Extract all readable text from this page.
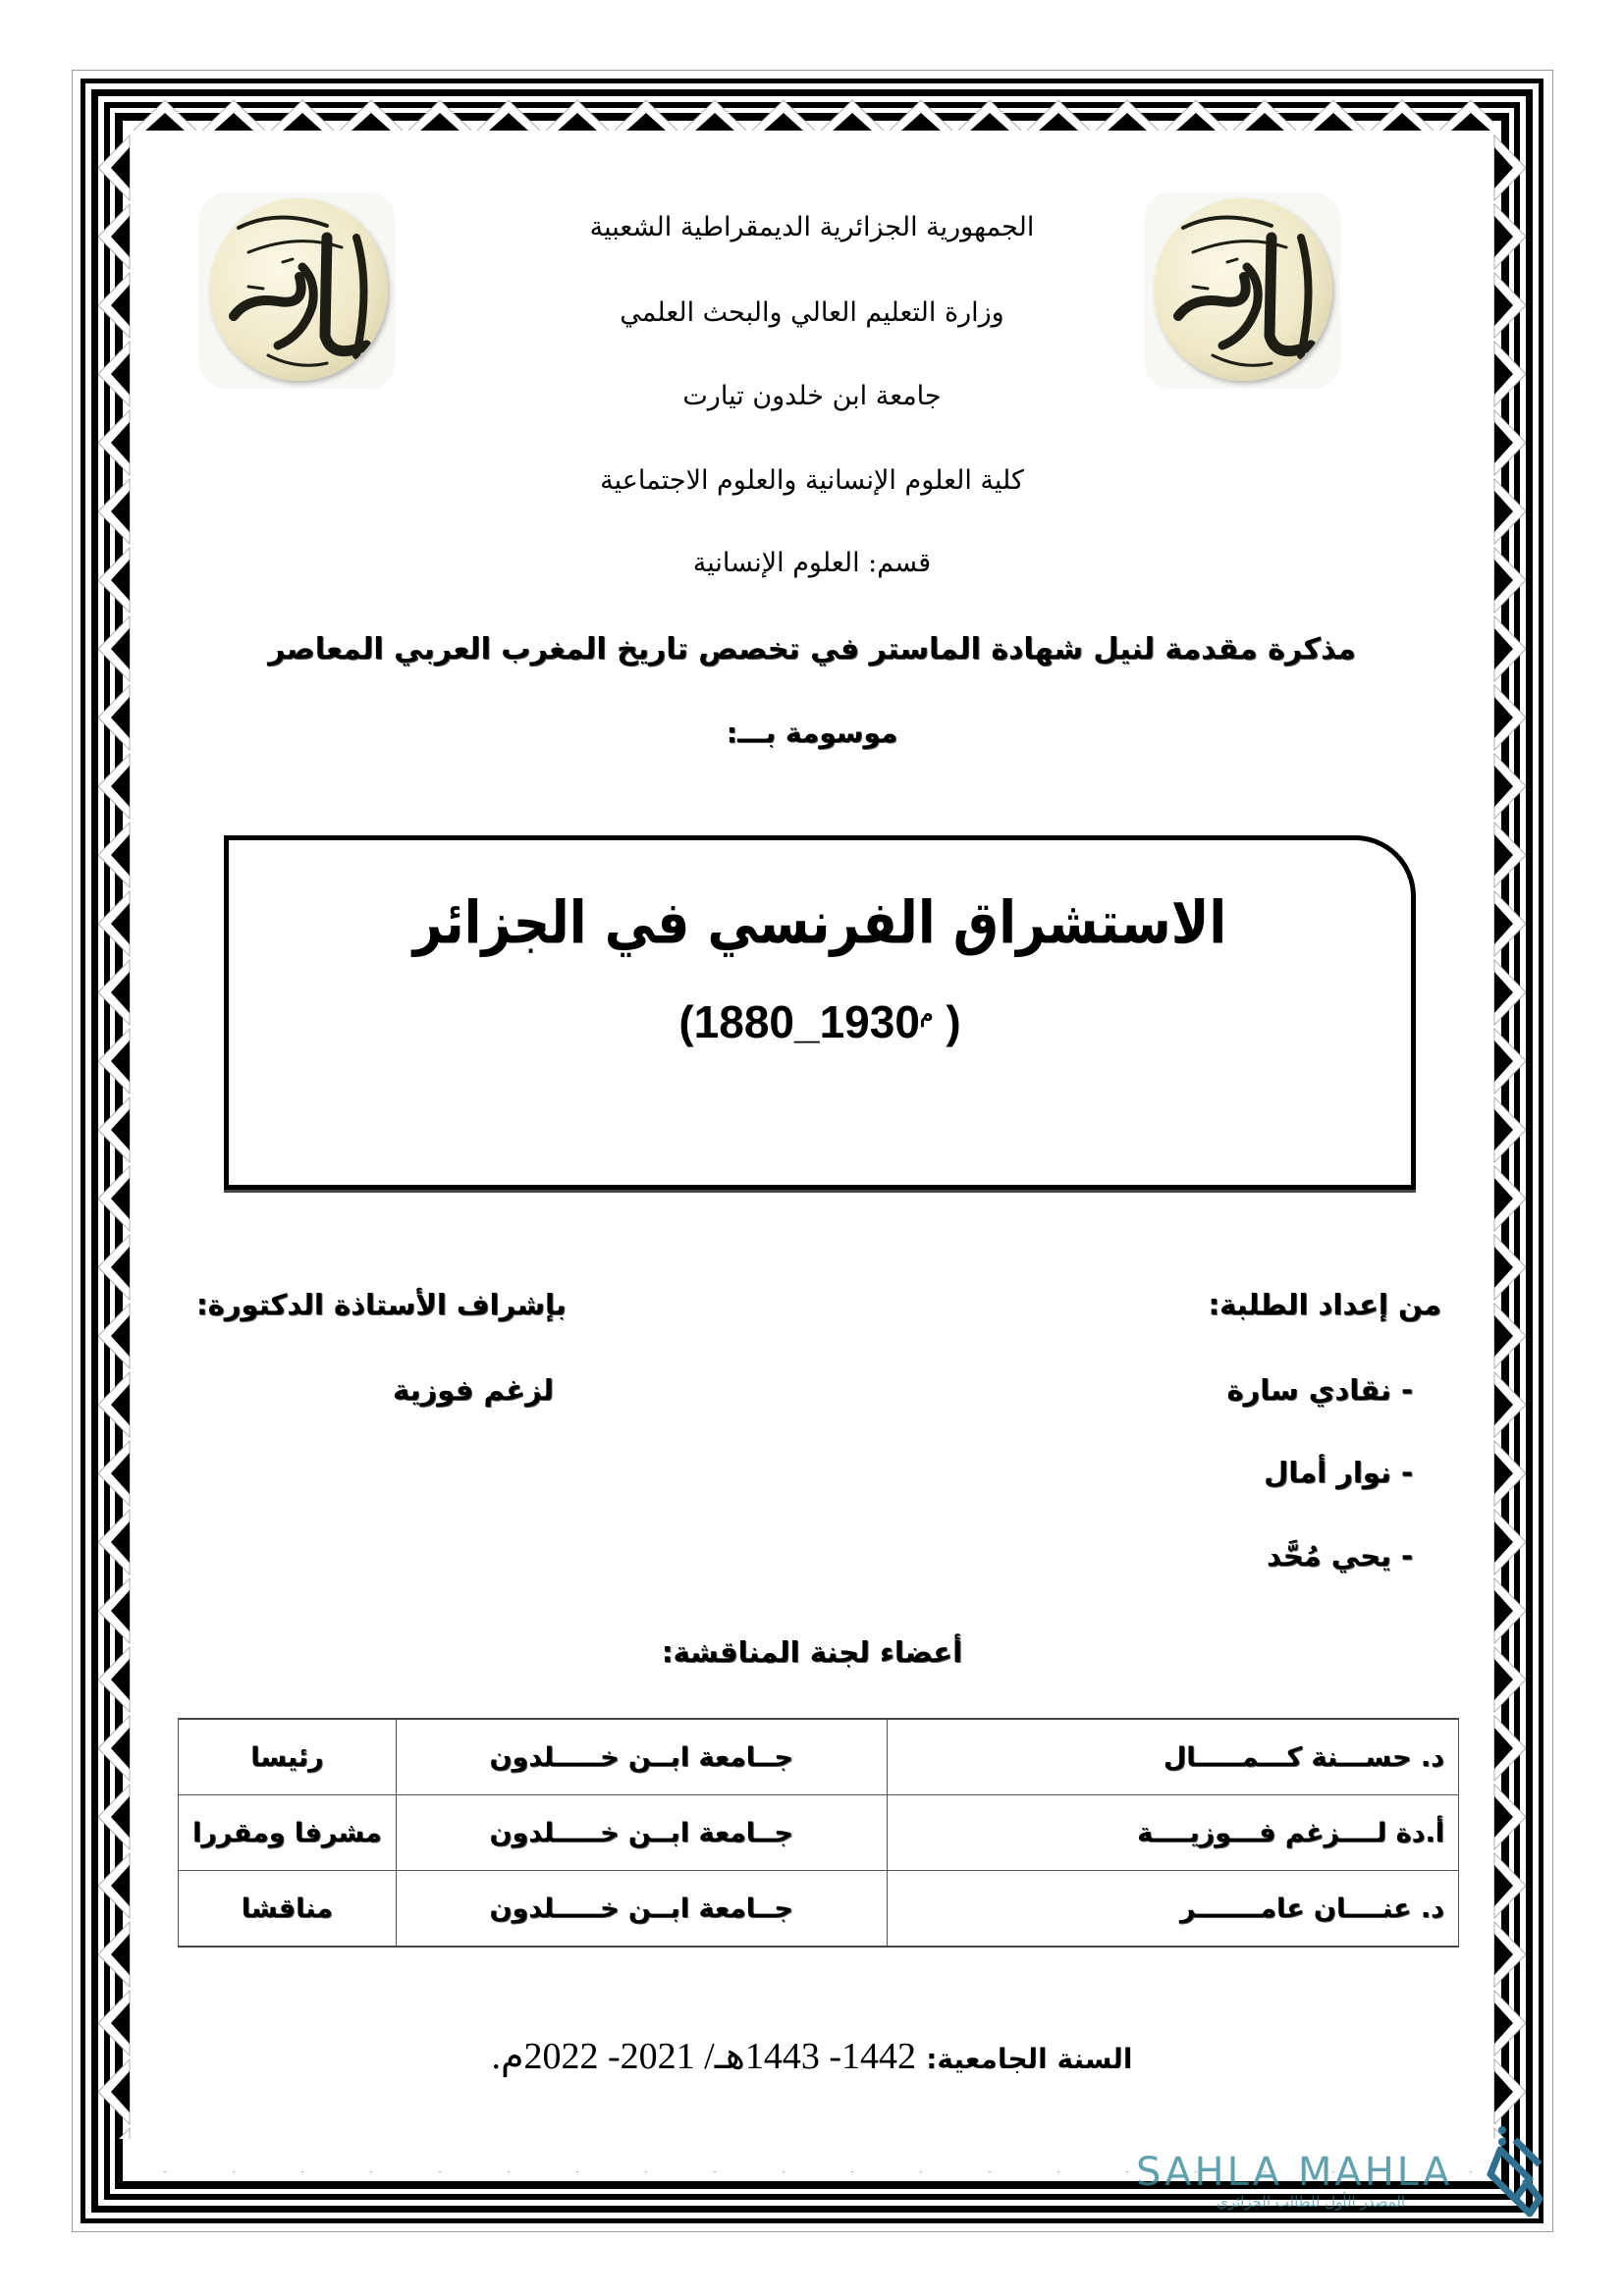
الجمهورية الجزائرية الديمقراطية الشعبية
وزارة التعليم العالي والبحث العلمي
جامعة ابن خلدون تيارت
كلية العلوم الإنسانية والعلوم الاجتماعية
قسم: العلوم الإنسانية
مذكرة مقدمة لنيل شهادة الماستر في تخصص تاريخ المغرب العربي المعاصر
موسومة بـــ:
الاستشراق الفرنسي في الجزائر
($1880\_1930^م$ )
من إعداد الطلبة:
- نقادي سارة
- نوار أمال
- يحي مُحَّد
بإشراف الأستاذة الدكتورة:
لزغم فوزية
أعضاء لجنة المناقشة:
د. حســـنة كـــمـــــال	جــامعة ابــن خـــــلدون	رئيسا
أ.دة لــــزغم فـــوزيــــة	جــامعة ابــن خـــــلدون	مشرفا ومقررا
د. عنــــان عامـــــــر	جــامعة ابــن خـــــلدون	مناقشا
السنة الجامعية: 1442- 1443هـ/ 2021- 2022م.
SAHLA MAHLA
المصدر الأول للطالب الجزائري
